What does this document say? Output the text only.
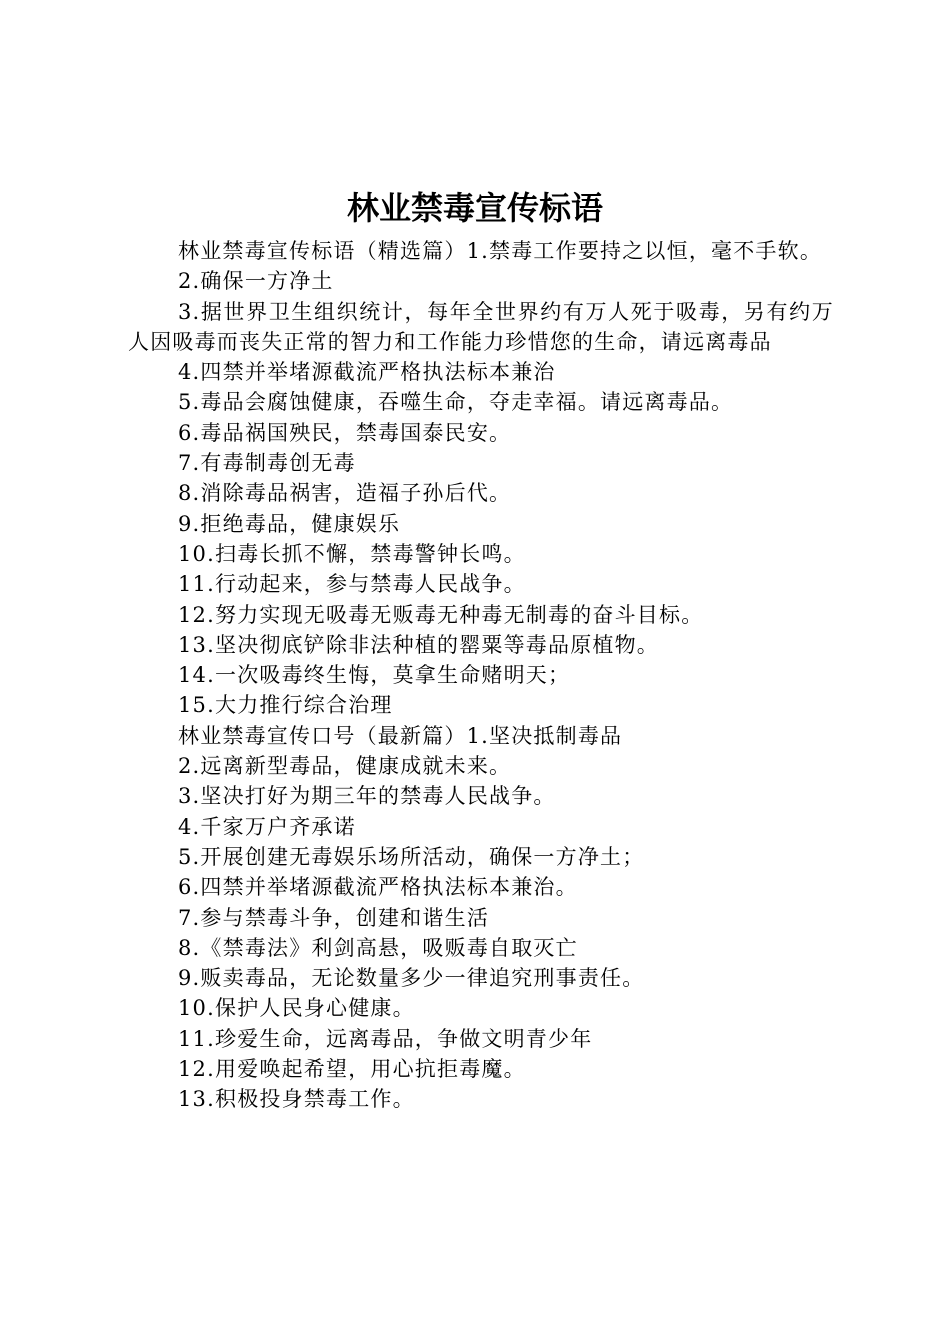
林业禁毒宣传标语

林业禁毒宣传标语（精选篇）1.禁毒工作要持之以恒，毫不手软。

2.确保一方净土

3.据世界卫生组织统计，每年全世界约有万人死于吸毒，另有约万人因吸毒而丧失正常的智力和工作能力珍惜您的生命，请远离毒品

4.四禁并举堵源截流严格执法标本兼治

5.毒品会腐蚀健康，吞噬生命，夺走幸福。请远离毒品。

6.毒品祸国殃民，禁毒国泰民安。

7.有毒制毒创无毒

8.消除毒品祸害，造福子孙后代。

9.拒绝毒品，健康娱乐

10.扫毒长抓不懈，禁毒警钟长鸣。

11.行动起来，参与禁毒人民战争。

12.努力实现无吸毒无贩毒无种毒无制毒的奋斗目标。

13.坚决彻底铲除非法种植的罂粟等毒品原植物。

14.一次吸毒终生悔，莫拿生命赌明天；

15.大力推行综合治理

林业禁毒宣传口号（最新篇）1.坚决抵制毒品

2.远离新型毒品，健康成就未来。

3.坚决打好为期三年的禁毒人民战争。

4.千家万户齐承诺

5.开展创建无毒娱乐场所活动，确保一方净土；

6.四禁并举堵源截流严格执法标本兼治。

7.参与禁毒斗争，创建和谐生活

8.《禁毒法》利剑高悬，吸贩毒自取灭亡

9.贩卖毒品，无论数量多少一律追究刑事责任。

10.保护人民身心健康。

11.珍爱生命，远离毒品，争做文明青少年

12.用爱唤起希望，用心抗拒毒魔。

13.积极投身禁毒工作。
